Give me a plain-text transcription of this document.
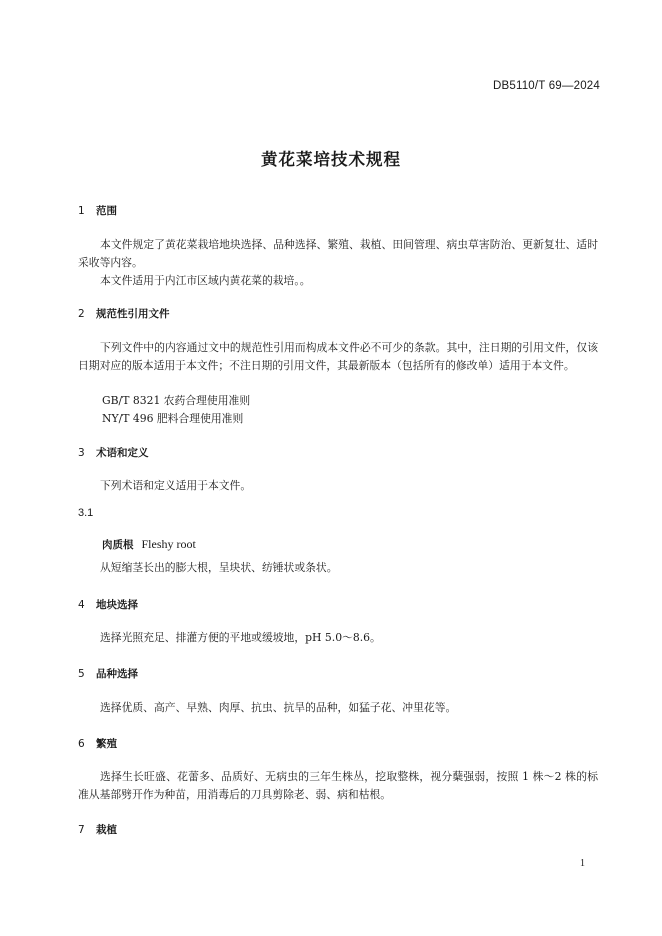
DB5110/T 69—2024
黄花菜培技术规程
1 范围
本文件规定了黄花菜栽培地块选择、品种选择、繁殖、栽植、田间管理、病虫草害防治、更新复壮、适时采收等内容。
本文件适用于内江市区域内黄花菜的栽培。。
2 规范性引用文件
下列文件中的内容通过文中的规范性引用而构成本文件必不可少的条款。其中，注日期的引用文件，仅该日期对应的版本适用于本文件；不注日期的引用文件，其最新版本（包括所有的修改单）适用于本文件。
GB/T 8321 农药合理使用准则
NY/T 496 肥料合理使用准则
3 术语和定义
下列术语和定义适用于本文件。
3.1
肉质根 Fleshy root
从短缩茎长出的膨大根，呈块状、纺锤状或条状。
4 地块选择
选择光照充足、排灌方便的平地或缓坡地，pH 5.0～8.6。
5 品种选择
选择优质、高产、早熟、肉厚、抗虫、抗旱的品种，如猛子花、冲里花等。
6 繁殖
选择生长旺盛、花蕾多、品质好、无病虫的三年生株丛，挖取整株，视分蘖强弱，按照 1 株～2 株的标准从基部劈开作为种苗，用消毒后的刀具剪除老、弱、病和枯根。
7 栽植
1
